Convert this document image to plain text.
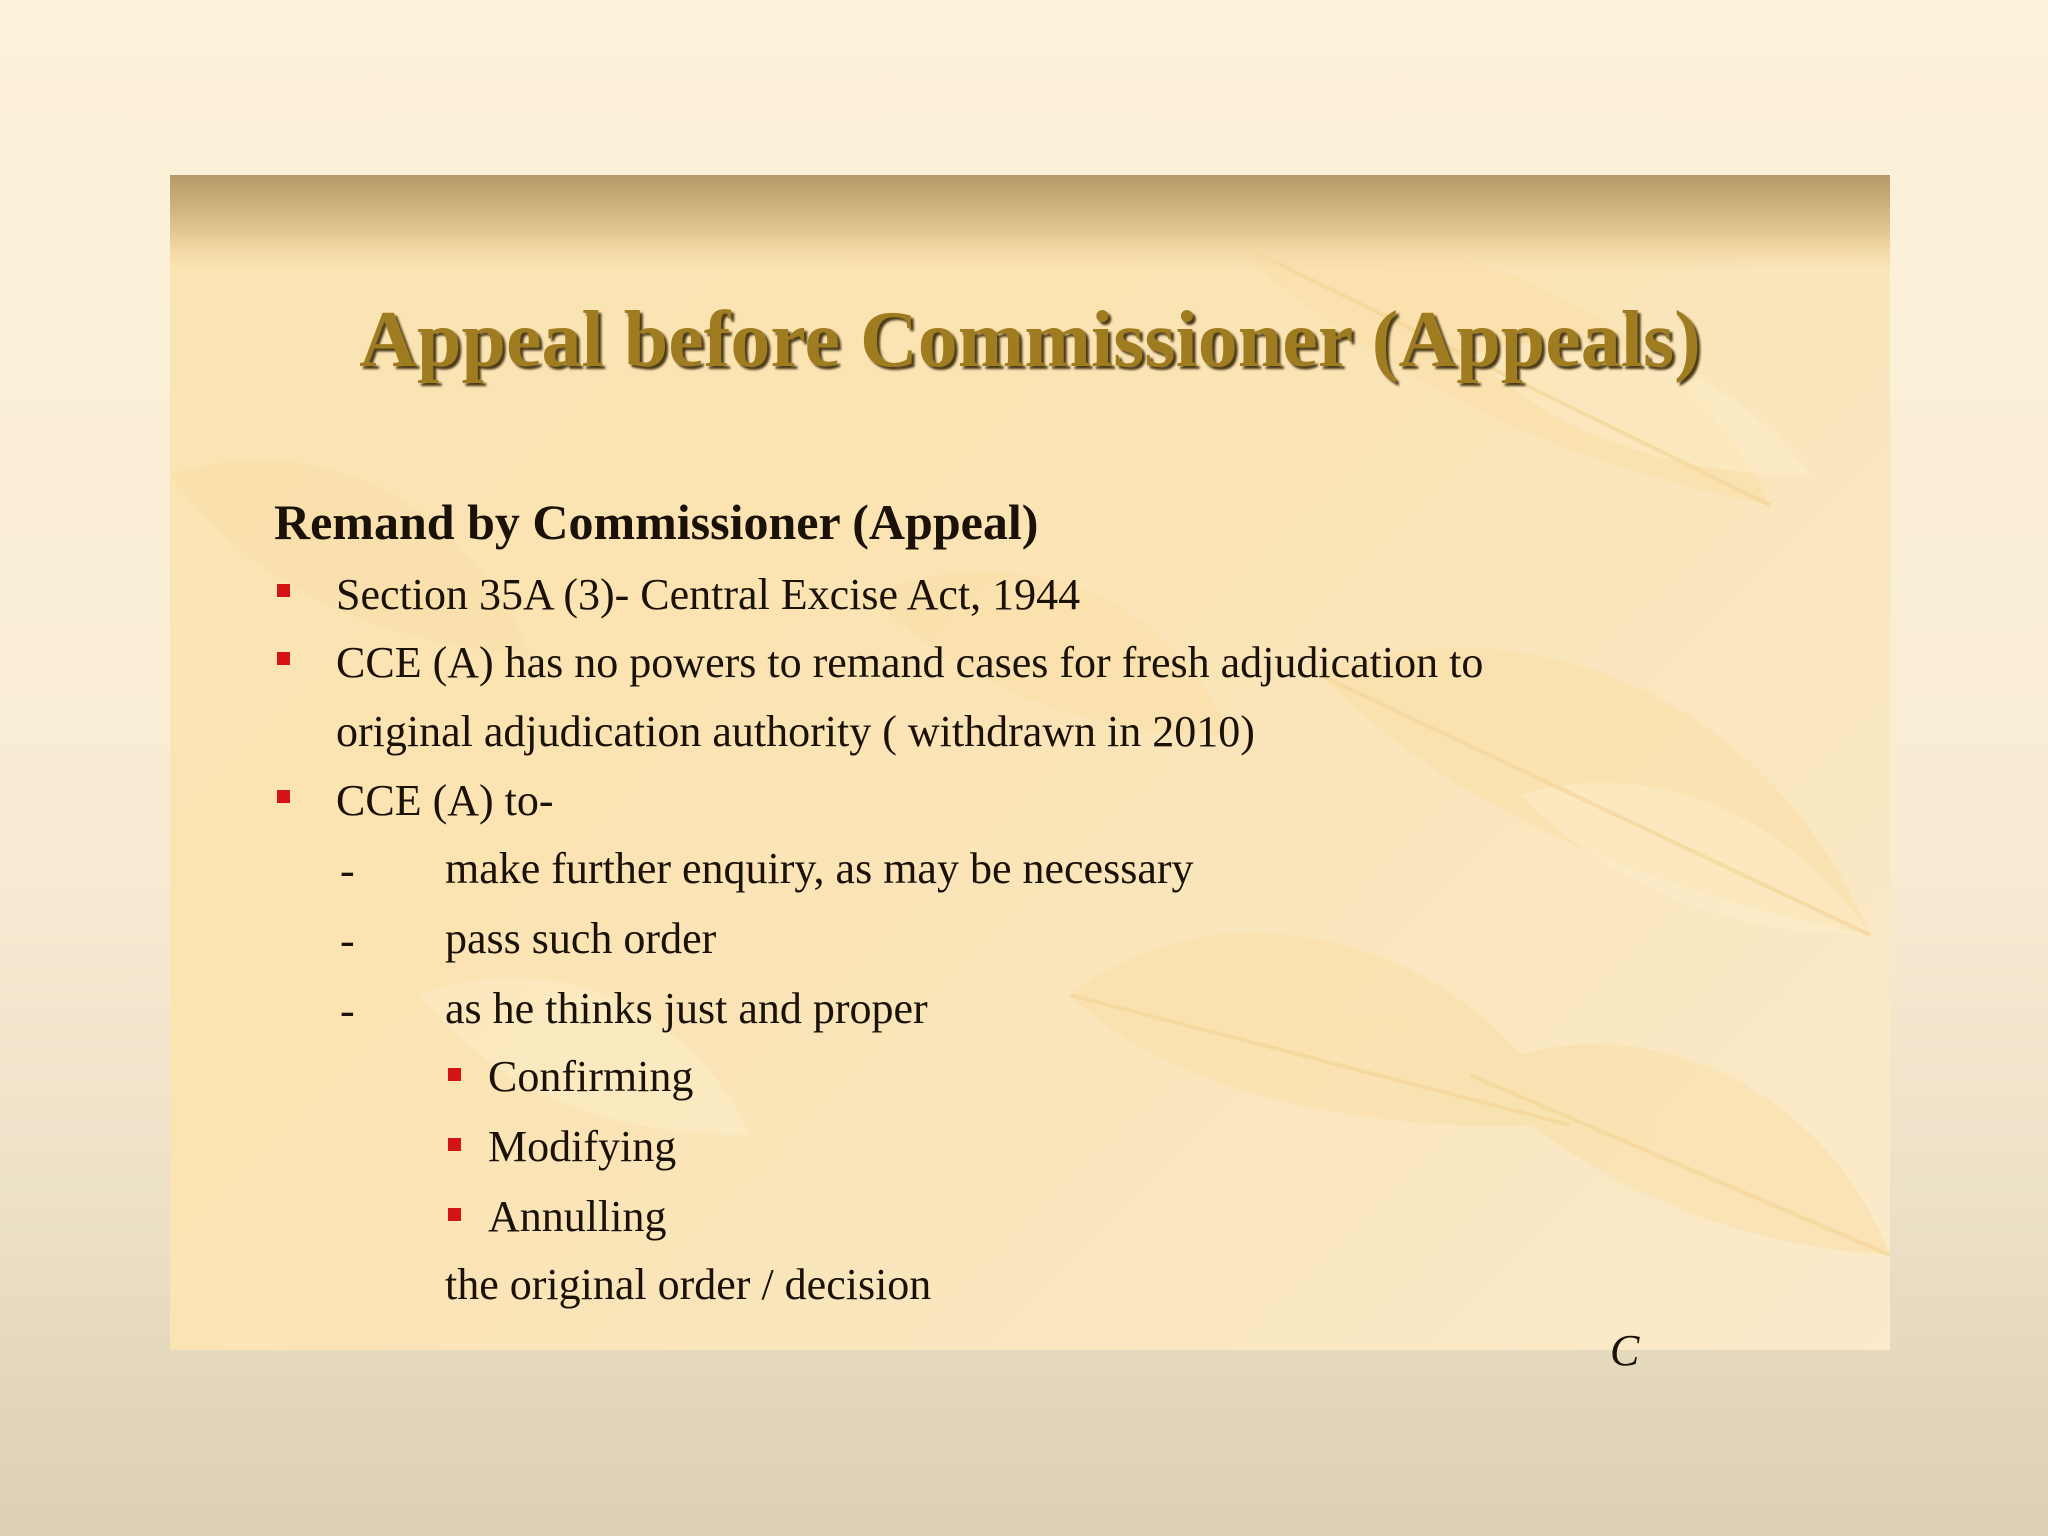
Appeal before Commissioner (Appeals)
Remand by Commissioner (Appeal)
Section 35A (3)- Central Excise Act, 1944
CCE (A) has no powers to remand cases for fresh adjudication to
original adjudication authority ( withdrawn in 2010)
CCE (A) to-
- make further enquiry, as may be necessary
- pass such order
- as he thinks just and proper
Confirming
Modifying
Annulling
the original order / decision
C
